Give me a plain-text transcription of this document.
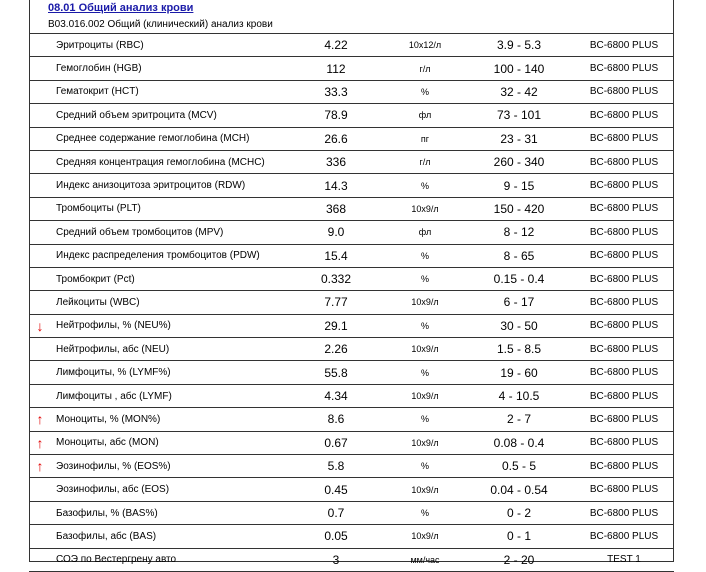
08.01 Общий анализ крови
B03.016.002 Общий (клинический) анализ крови
	Эритроциты (RBC)	4.22	10x12/л	3.9 - 5.3	BC-6800 PLUS
	Гемоглобин (HGB)	112	г/л	100 - 140	BC-6800 PLUS
	Гематокрит (HCT)	33.3	%	32 - 42	BC-6800 PLUS
	Средний объем эритроцита (MCV)	78.9	фл	73 - 101	BC-6800 PLUS
	Среднее содержание гемоглобина (MCH)	26.6	пг	23 - 31	BC-6800 PLUS
	Средняя концентрация гемоглобина (MCHC)	336	г/л	260 - 340	BC-6800 PLUS
	Индекс анизоцитоза эритроцитов (RDW)	14.3	%	9 - 15	BC-6800 PLUS
	Тромбоциты (PLT)	368	10x9/л	150 - 420	BC-6800 PLUS
	Средний объем тромбоцитов (MPV)	9.0	фл	8 - 12	BC-6800 PLUS
	Индекс распределения тромбоцитов (PDW)	15.4	%	8 - 65	BC-6800 PLUS
	Тромбокрит (Pct)	0.332	%	0.15 - 0.4	BC-6800 PLUS
	Лейкоциты (WBC)	7.77	10x9/л	6 - 17	BC-6800 PLUS
↓	Нейтрофилы, % (NEU%)	29.1	%	30 - 50	BC-6800 PLUS
	Нейтрофилы, абс (NEU)	2.26	10x9/л	1.5 - 8.5	BC-6800 PLUS
	Лимфоциты, % (LYMF%)	55.8	%	19 - 60	BC-6800 PLUS
	Лимфоциты , абс (LYMF)	4.34	10x9/л	4 - 10.5	BC-6800 PLUS
↑	Моноциты, % (MON%)	8.6	%	2 - 7	BC-6800 PLUS
↑	Моноциты, абс (MON)	0.67	10x9/л	0.08 - 0.4	BC-6800 PLUS
↑	Эозинофилы, % (EOS%)	5.8	%	0.5 - 5	BC-6800 PLUS
	Эозинофилы, абс (EOS)	0.45	10x9/л	0.04 - 0.54	BC-6800 PLUS
	Базофилы, % (BAS%)	0.7	%	0 - 2	BC-6800 PLUS
	Базофилы, абс (BAS)	0.05	10x9/л	0 - 1	BC-6800 PLUS
	СОЭ по Вестергрену авто	3	мм/час	2 - 20	TEST 1
